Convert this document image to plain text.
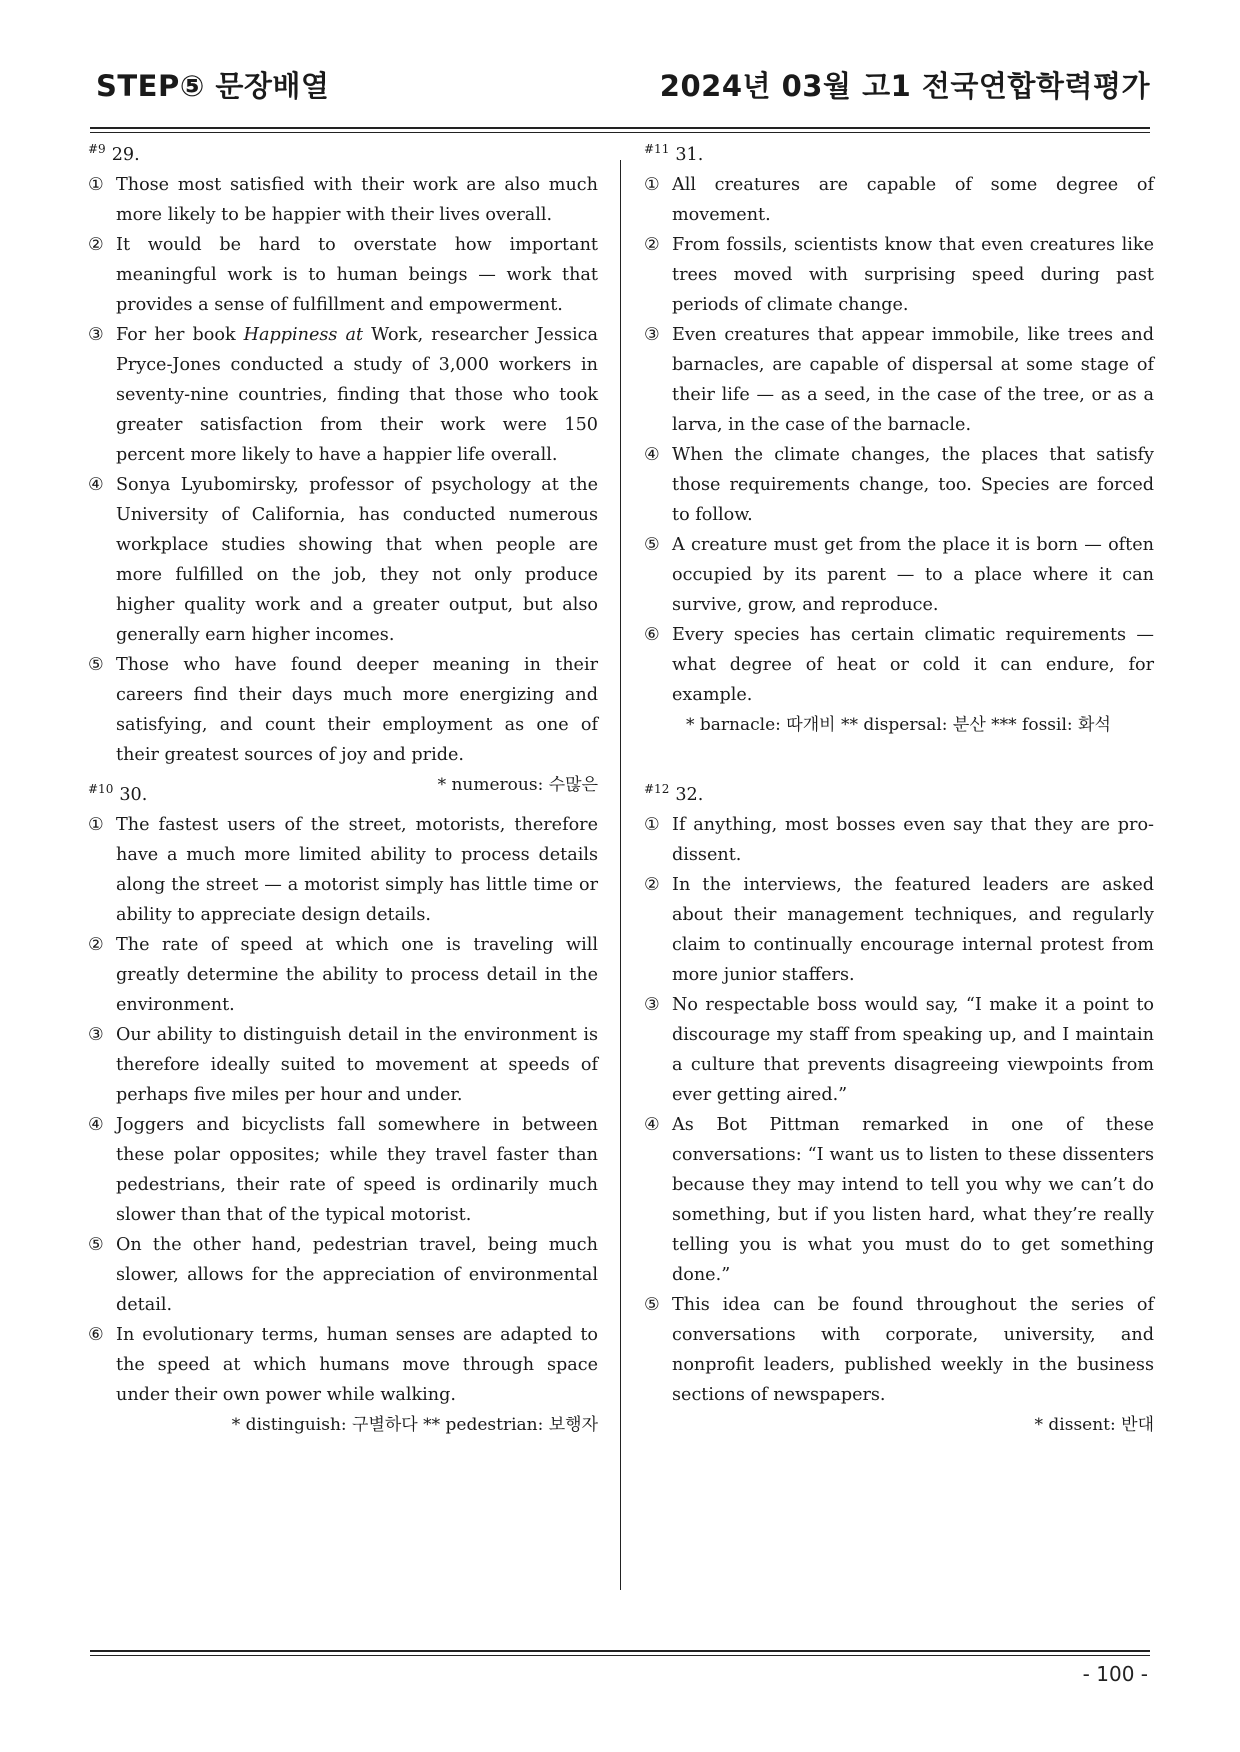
STEP⑤ 문장배열	2024년 03월 고1 전국연합학력평가
$^{\#9}$ 29.

① Those most satisfied with their work are also much more likely to be happier with their lives overall.

② It would be hard to overstate how important meaningful work is to human beings — work that provides a sense of fulfillment and empowerment.

③ For her book Happiness at Work, researcher Jessica Pryce-Jones conducted a study of 3,000 workers in seventy-nine countries, finding that those who took greater satisfaction from their work were 150 percent more likely to have a happier life overall.

④ Sonya Lyubomirsky, professor of psychology at the University of California, has conducted numerous workplace studies showing that when people are more fulfilled on the job, they not only produce higher quality work and a greater output, but also generally earn higher incomes.

⑤ Those who have found deeper meaning in their careers find their days much more energizing and satisfying, and count their employment as one of their greatest sources of joy and pride.

* numerous: 수많은
$^{\#10}$ 30.

① The fastest users of the street, motorists, therefore have a much more limited ability to process details along the street — a motorist simply has little time or ability to appreciate design details.

② The rate of speed at which one is traveling will greatly determine the ability to process detail in the environment.

③ Our ability to distinguish detail in the environment is therefore ideally suited to movement at speeds of perhaps five miles per hour and under.

④ Joggers and bicyclists fall somewhere in between these polar opposites; while they travel faster than pedestrians, their rate of speed is ordinarily much slower than that of the typical motorist.

⑤ On the other hand, pedestrian travel, being much slower, allows for the appreciation of environmental detail.

⑥ In evolutionary terms, human senses are adapted to the speed at which humans move through space under their own power while walking.

* distinguish: 구별하다 ** pedestrian: 보행자
$^{\#11}$ 31.

① All creatures are capable of some degree of movement.

② From fossils, scientists know that even creatures like trees moved with surprising speed during past periods of climate change.

③ Even creatures that appear immobile, like trees and barnacles, are capable of dispersal at some stage of their life — as a seed, in the case of the tree, or as a larva, in the case of the barnacle.

④ When the climate changes, the places that satisfy those requirements change, too. Species are forced to follow.

⑤ A creature must get from the place it is born — often occupied by its parent — to a place where it can survive, grow, and reproduce.

⑥ Every species has certain climatic requirements — what degree of heat or cold it can endure, for example.

* barnacle: 따개비 ** dispersal: 분산 *** fossil: 화석
$^{\#12}$ 32.

① If anything, most bosses even say that they are pro-dissent.

② In the interviews, the featured leaders are asked about their management techniques, and regularly claim to continually encourage internal protest from more junior staffers.

③ No respectable boss would say, “I make it a point to discourage my staff from speaking up, and I maintain a culture that prevents disagreeing viewpoints from ever getting aired.”

④ As Bot Pittman remarked in one of these conversations: “I want us to listen to these dissenters because they may intend to tell you why we can’t do something, but if you listen hard, what they’re really telling you is what you must do to get something done.”

⑤ This idea can be found throughout the series of conversations with corporate, university, and nonprofit leaders, published weekly in the business sections of newspapers.

* dissent: 반대
- 100 -
